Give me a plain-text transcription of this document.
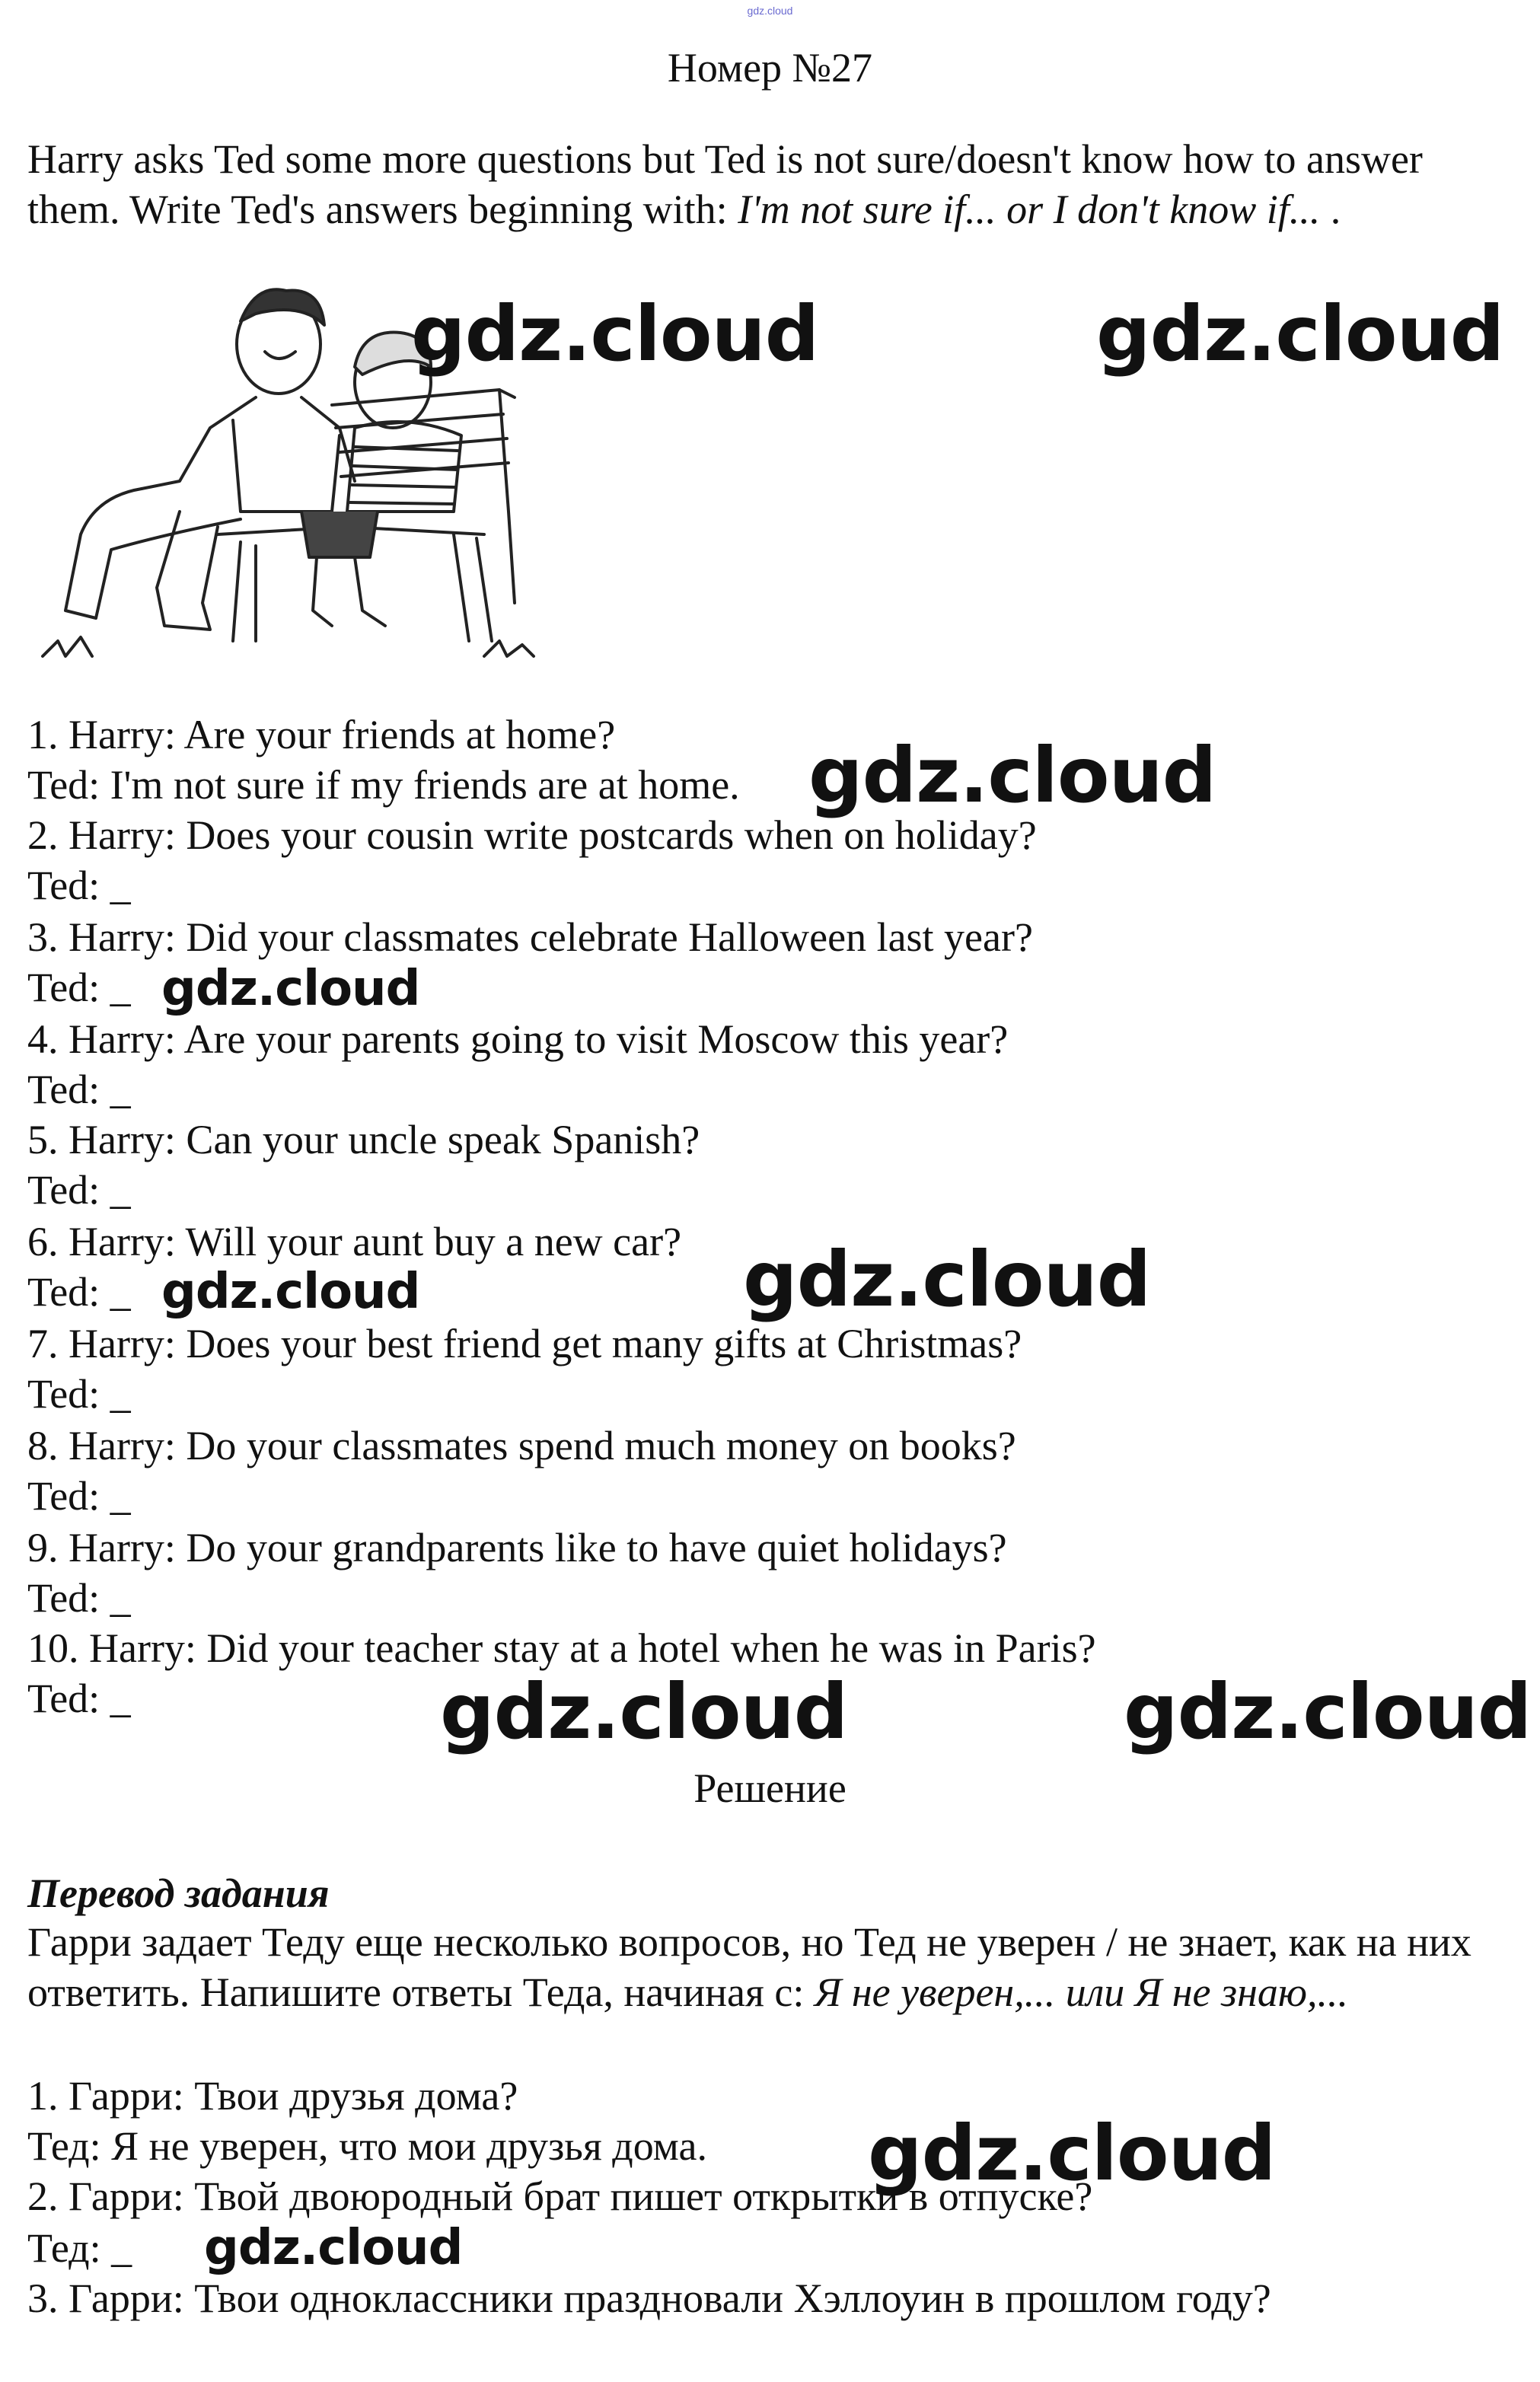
gdz.cloud
Номер №27
Harry asks Ted some more questions but Ted is not sure/doesn't know how to answer them. Write Ted's answers beginning with: I'm not sure if... or I don't know if... .
1. Harry: Are your friends at home?
Ted: I'm not sure if my friends are at home.
2. Harry: Does your cousin write postcards when on holiday?
Ted: _
3. Harry: Did your classmates celebrate Halloween last year?
Ted: _
4. Harry: Are your parents going to visit Moscow this year?
Ted: _
5. Harry: Can your uncle speak Spanish?
Ted: _
6. Harry: Will your aunt buy a new car?
Ted: _
7. Harry: Does your best friend get many gifts at Christmas?
Ted: _
8. Harry: Do your classmates spend much money on books?
Ted: _
9. Harry: Do your grandparents like to have quiet holidays?
Ted: _
10. Harry: Did your teacher stay at a hotel when he was in Paris?
Ted: _
Решение
Перевод задания
Гарри задает Теду еще несколько вопросов, но Тед не уверен / не знает, как на них ответить. Напишите ответы Теда, начиная с: Я не уверен,... или Я не знаю,...
1. Гарри: Твои друзья дома?
Тед: Я не уверен, что мои друзья дома.
2. Гарри: Твой двоюродный брат пишет открытки в отпуске?
Тед: _
3. Гарри: Твои одноклассники праздновали Хэллоуин в прошлом году?
gdz.cloud	gdz.cloud
gdz.cloud
gdz.cloud
gdz.cloud
gdz.cloud
gdz.cloud	gdz.cloud
gdz.cloud
gdz.cloud
